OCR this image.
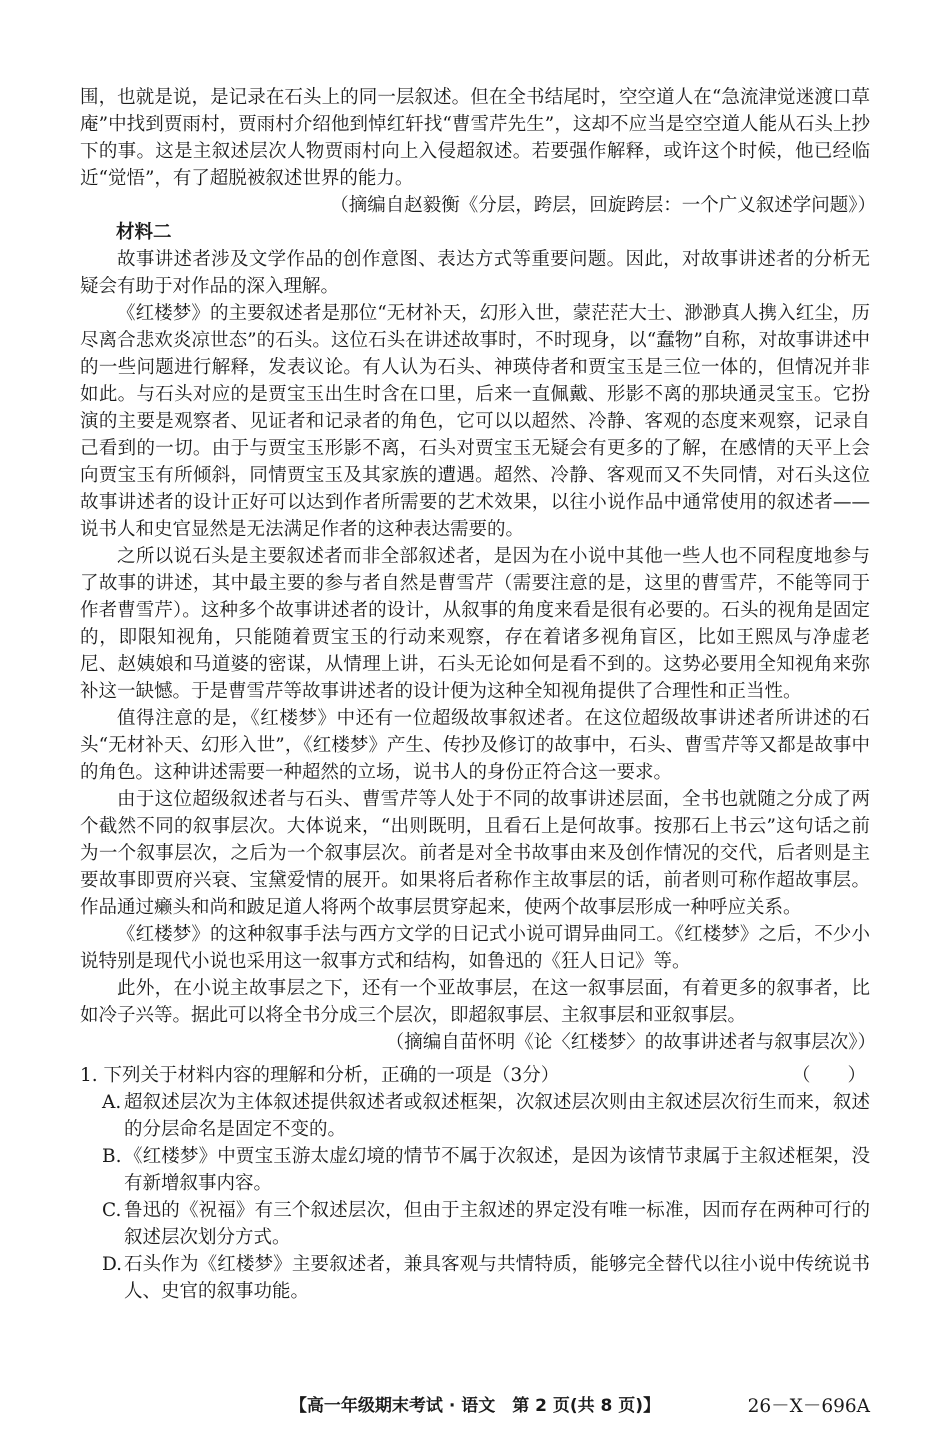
围，也就是说，是记录在石头上的同一层叙述。但在全书结尾时，空空道人在“急流津觉迷渡口草庵”中找到贾雨村，贾雨村介绍他到悼红轩找“曹雪芹先生”，这却不应当是空空道人能从石头上抄下的事。这是主叙述层次人物贾雨村向上入侵超叙述。若要强作解释，或许这个时候，他已经临近“觉悟”，有了超脱被叙述世界的能力。

（摘编自赵毅衡《分层，跨层，回旋跨层：一个广义叙述学问题》）

材料二

故事讲述者涉及文学作品的创作意图、表达方式等重要问题。因此，对故事讲述者的分析无疑会有助于对作品的深入理解。

《红楼梦》的主要叙述者是那位“无材补天，幻形入世，蒙茫茫大士、渺渺真人携入红尘，历尽离合悲欢炎凉世态”的石头。这位石头在讲述故事时，不时现身，以“蠢物”自称，对故事讲述中的一些问题进行解释，发表议论。有人认为石头、神瑛侍者和贾宝玉是三位一体的，但情况并非如此。与石头对应的是贾宝玉出生时含在口里，后来一直佩戴、形影不离的那块通灵宝玉。它扮演的主要是观察者、见证者和记录者的角色，它可以以超然、冷静、客观的态度来观察，记录自己看到的一切。由于与贾宝玉形影不离，石头对贾宝玉无疑会有更多的了解，在感情的天平上会向贾宝玉有所倾斜，同情贾宝玉及其家族的遭遇。超然、冷静、客观而又不失同情，对石头这位故事讲述者的设计正好可以达到作者所需要的艺术效果，以往小说作品中通常使用的叙述者——说书人和史官显然是无法满足作者的这种表达需要的。

之所以说石头是主要叙述者而非全部叙述者，是因为在小说中其他一些人也不同程度地参与了故事的讲述，其中最主要的参与者自然是曹雪芹（需要注意的是，这里的曹雪芹，不能等同于作者曹雪芹）。这种多个故事讲述者的设计，从叙事的角度来看是很有必要的。石头的视角是固定的，即限知视角，只能随着贾宝玉的行动来观察，存在着诸多视角盲区，比如王熙凤与净虚老尼、赵姨娘和马道婆的密谋，从情理上讲，石头无论如何是看不到的。这势必要用全知视角来弥补这一缺憾。于是曹雪芹等故事讲述者的设计便为这种全知视角提供了合理性和正当性。

值得注意的是，《红楼梦》中还有一位超级故事叙述者。在这位超级故事讲述者所讲述的石头“无材补天、幻形入世”，《红楼梦》产生、传抄及修订的故事中，石头、曹雪芹等又都是故事中的角色。这种讲述需要一种超然的立场，说书人的身份正符合这一要求。

由于这位超级叙述者与石头、曹雪芹等人处于不同的故事讲述层面，全书也就随之分成了两个截然不同的叙事层次。大体说来，“出则既明，且看石上是何故事。按那石上书云”这句话之前为一个叙事层次，之后为一个叙事层次。前者是对全书故事由来及创作情况的交代，后者则是主要故事即贾府兴衰、宝黛爱情的展开。如果将后者称作主故事层的话，前者则可称作超故事层。作品通过癞头和尚和跛足道人将两个故事层贯穿起来，使两个故事层形成一种呼应关系。

《红楼梦》的这种叙事手法与西方文学的日记式小说可谓异曲同工。《红楼梦》之后，不少小说特别是现代小说也采用这一叙事方式和结构，如鲁迅的《狂人日记》等。

此外，在小说主故事层之下，还有一个亚故事层，在这一叙事层面，有着更多的叙事者，比如冷子兴等。据此可以将全书分成三个层次，即超叙事层、主叙事层和亚叙事层。

（摘编自苗怀明《论〈红楼梦〉的故事讲述者与叙事层次》）

1. 下列关于材料内容的理解和分析，正确的一项是（3分）	（　　）
A. 超叙述层次为主体叙述提供叙述者或叙述框架，次叙述层次则由主叙述层次衍生而来，叙述的分层命名是固定不变的。
B. 《红楼梦》中贾宝玉游太虚幻境的情节不属于次叙述，是因为该情节隶属于主叙述框架，没有新增叙事内容。
C. 鲁迅的《祝福》有三个叙述层次，但由于主叙述的界定没有唯一标准，因而存在两种可行的叙述层次划分方式。
D. 石头作为《红楼梦》主要叙述者，兼具客观与共情特质，能够完全替代以往小说中传统说书人、史官的叙事功能。
【高一年级期末考试 · 语文　第 2 页(共 8 页)】	26－X－696A
